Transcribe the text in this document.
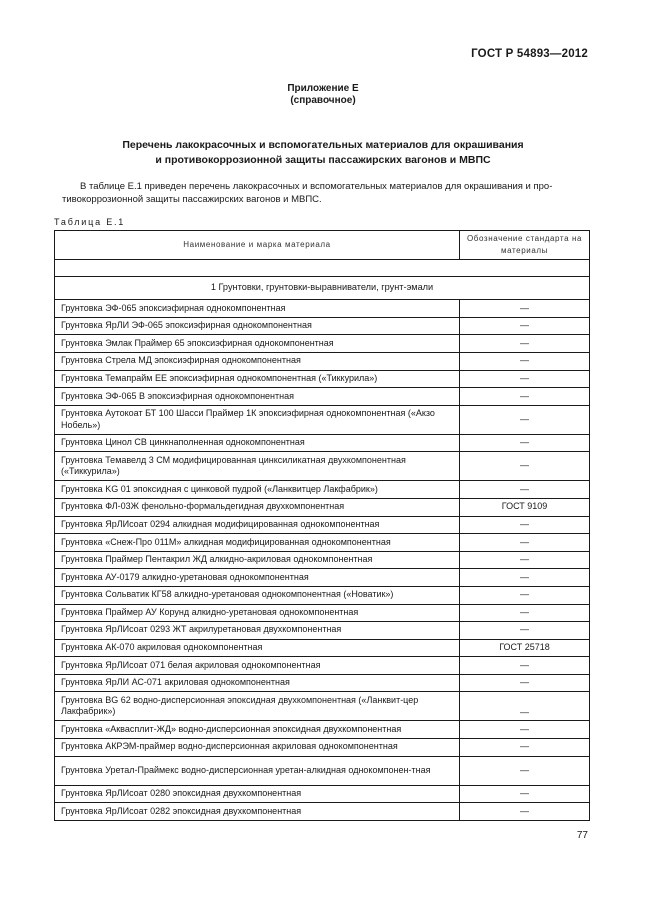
ГОСТ Р 54893—2012
Приложение Е
(справочное)
Перечень лакокрасочных и вспомогательных материалов для окрашивания
и противокоррозионной защиты пассажирских вагонов и МВПС
В таблице Е.1 приведен перечень лакокрасочных и вспомогательных материалов для окрашивания и про-
тивокоррозионной защиты пассажирских вагонов и МВПС.
Таблица Е.1
Наименование и марка материала	Обозначение стандарта на материалы

1 Грунтовки, грунтовки-выравниватели, грунт-эмали	
Грунтовка ЭФ-065 эпоксиэфирная однокомпонентная	—
Грунтовка ЯрЛИ ЭФ-065 эпоксиэфирная однокомпонентная	—
Грунтовка Эмлак Праймер 65 эпоксиэфирная однокомпонентная	—
Грунтовка Стрела МД эпоксиэфирная однокомпонентная	—
Грунтовка Темапрайм ЕЕ эпоксиэфирная однокомпонентная («Тиккурила»)	—
Грунтовка ЭФ-065 В эпоксиэфирная однокомпонентная	—
Грунтовка Аутокоат БТ 100 Шасси Праймер 1К эпоксиэфирная однокомпонентная («Акзо Нобель»)	—
Грунтовка Цинол СВ цинкнаполненная однокомпонентная	—
Грунтовка Темавелд 3 СМ модифицированная цинксиликатная двухкомпонентная («Тиккурила»)	—
Грунтовка KG 01 эпоксидная с цинковой пудрой («Ланквитцер Лакфабрик»)	—
Грунтовка ФЛ-03Ж фенольно-формальдегидная двухкомпонентная	ГОСТ 9109
Грунтовка ЯрЛИсоат 0294 алкидная модифицированная однокомпонентная	—
Грунтовка «Снеж-Про 011М» алкидная модифицированная однокомпонентная	—
Грунтовка Праймер Пентакрил ЖД алкидно-акриловая однокомпонентная	—
Грунтовка АУ-0179 алкидно-уретановая однокомпонентная	—
Грунтовка Сольватик КГ58 алкидно-уретановая однокомпонентная («Новатик»)	—
Грунтовка Праймер АУ Корунд алкидно-уретановая однокомпонентная	—
Грунтовка ЯрЛИсоат 0293 ЖТ акрилуретановая двухкомпонентная	—
Грунтовка АК-070 акриловая однокомпонентная	ГОСТ 25718
Грунтовка ЯрЛИсоат 071 белая акриловая однокомпонентная	—
Грунтовка ЯрЛИ АС-071 акриловая однокомпонентная	—
Грунтовка BG 62 водно-дисперсионная эпоксидная двухкомпонентная («Ланквит-цер Лакфабрик»)	—
Грунтовка «Аквасплит-ЖД» водно-дисперсионная эпоксидная двухкомпонентная	—
Грунтовка АКРЭМ-праймер водно-дисперсионная акриловая однокомпонентная	—
Грунтовка Уретал-Праймекс водно-дисперсионная уретан-алкидная однокомпонен-тная	—
Грунтовка ЯрЛИсоат 0280 эпоксидная двухкомпонентная	—
Грунтовка ЯрЛИсоат 0282 эпоксидная двухкомпонентная	—
77
